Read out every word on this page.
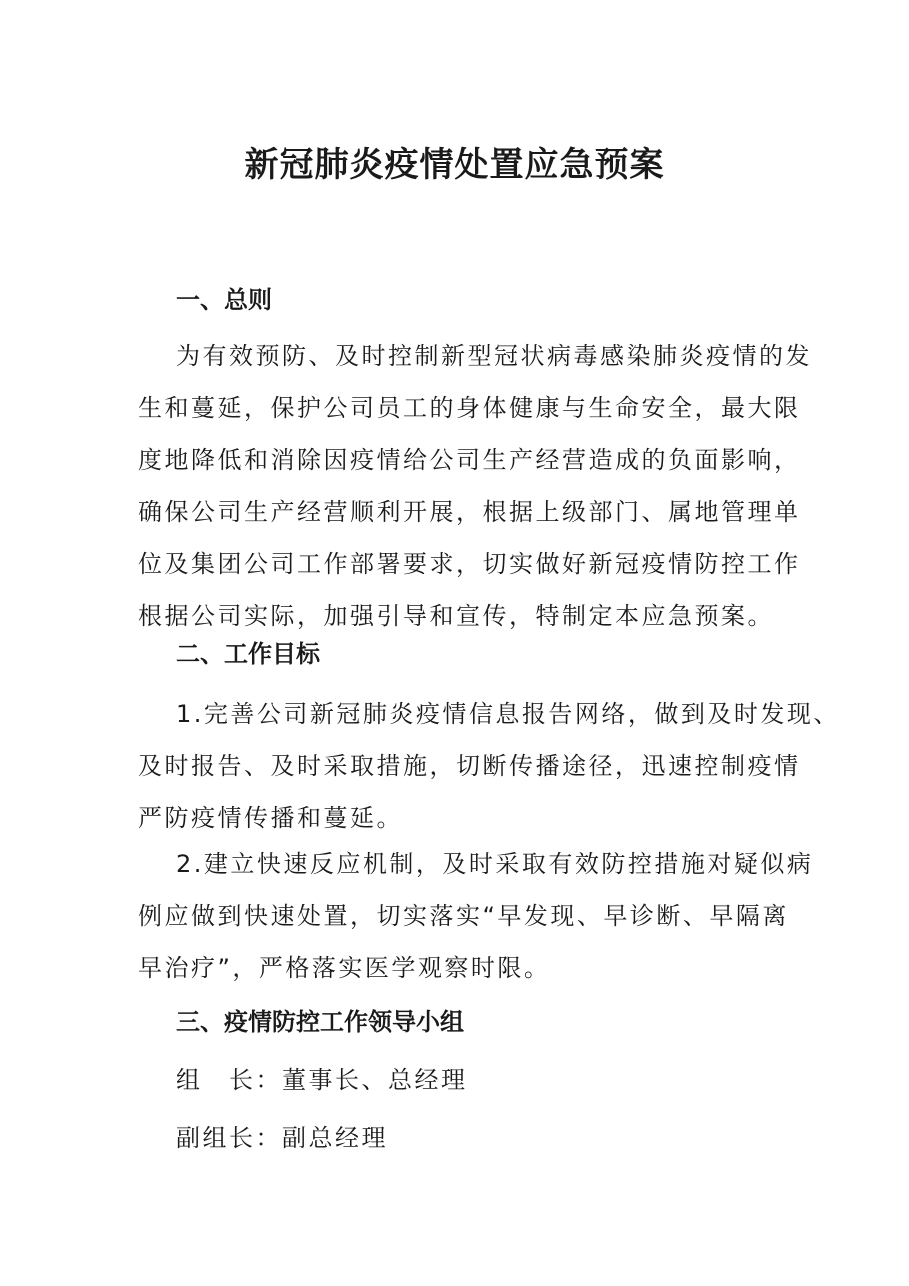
新冠肺炎疫情处置应急预案
一、总则

为有效预防、及时控制新型冠状病毒感染肺炎疫情的发
生和蔓延，保护公司员工的身体健康与生命安全，最大限
度地降低和消除因疫情给公司生产经营造成的负面影响，
确保公司生产经营顺利开展，根据上级部门、属地管理单
位及集团公司工作部署要求，切实做好新冠疫情防控工作
根据公司实际，加强引导和宣传，特制定本应急预案。

二、工作目标

1.完善公司新冠肺炎疫情信息报告网络，做到及时发现、
及时报告、及时采取措施，切断传播途径，迅速控制疫情
严防疫情传播和蔓延。

2.建立快速反应机制，及时采取有效防控措施对疑似病
例应做到快速处置，切实落实“早发现、早诊断、早隔离
早治疗”，严格落实医学观察时限。

三、疫情防控工作领导小组

组　长：董事长、总经理

副组长：副总经理
